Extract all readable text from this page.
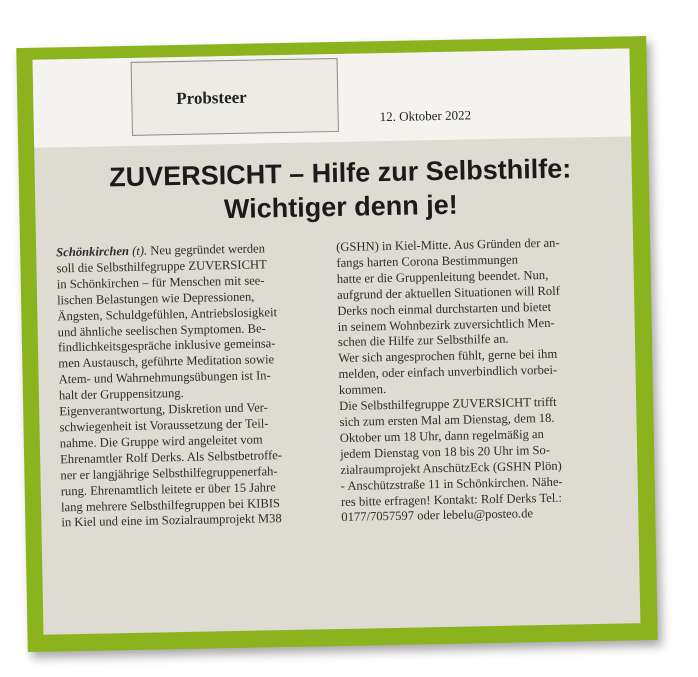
Probsteer
12. Oktober 2022
ZUVERSICHT – Hilfe zur Selbsthilfe:
Wichtiger denn je!
Schönkirchen (t). Neu gegründet werden
soll die Selbsthilfegruppe ZUVERSICHT
in Schönkirchen – für Menschen mit see-
lischen Belastungen wie Depressionen,
Ängsten, Schuldgefühlen, Antriebslosigkeit
und ähnliche seelischen Symptomen. Be-
findlichkeitsgespräche inklusive gemeinsa-
men Austausch, geführte Meditation sowie
Atem- und Wahrnehmungsübungen ist In-
halt der Gruppensitzung.
Eigenverantwortung, Diskretion und Ver-
schwiegenheit ist Voraussetzung der Teil-
nahme. Die Gruppe wird angeleitet vom
Ehrenamtler Rolf Derks. Als Selbstbetroffe-
ner er langjährige Selbsthilfegruppenerfah-
rung. Ehrenamtlich leitete er über 15 Jahre
lang mehrere Selbsthilfegruppen bei KIBIS
in Kiel und eine im Sozialraumprojekt M38
(GSHN) in Kiel-Mitte. Aus Gründen der an-
fangs harten Corona Bestimmungen
hatte er die Gruppenleitung beendet. Nun,
aufgrund der aktuellen Situationen will Rolf
Derks noch einmal durchstarten und bietet
in seinem Wohnbezirk zuversichtlich Men-
schen die Hilfe zur Selbsthilfe an.
Wer sich angesprochen fühlt, gerne bei ihm
melden, oder einfach unverbindlich vorbei-
kommen.
Die Selbsthilfegruppe ZUVERSICHT trifft
sich zum ersten Mal am Dienstag, dem 18.
Oktober um 18 Uhr, dann regelmäßig an
jedem Dienstag von 18 bis 20 Uhr im So-
zialraumprojekt AnschützEck (GSHN Plön)
- Anschützstraße 11 in Schönkirchen. Nähe-
res bitte erfragen! Kontakt: Rolf Derks Tel.:
0177/7057597 oder lebelu@posteo.de
